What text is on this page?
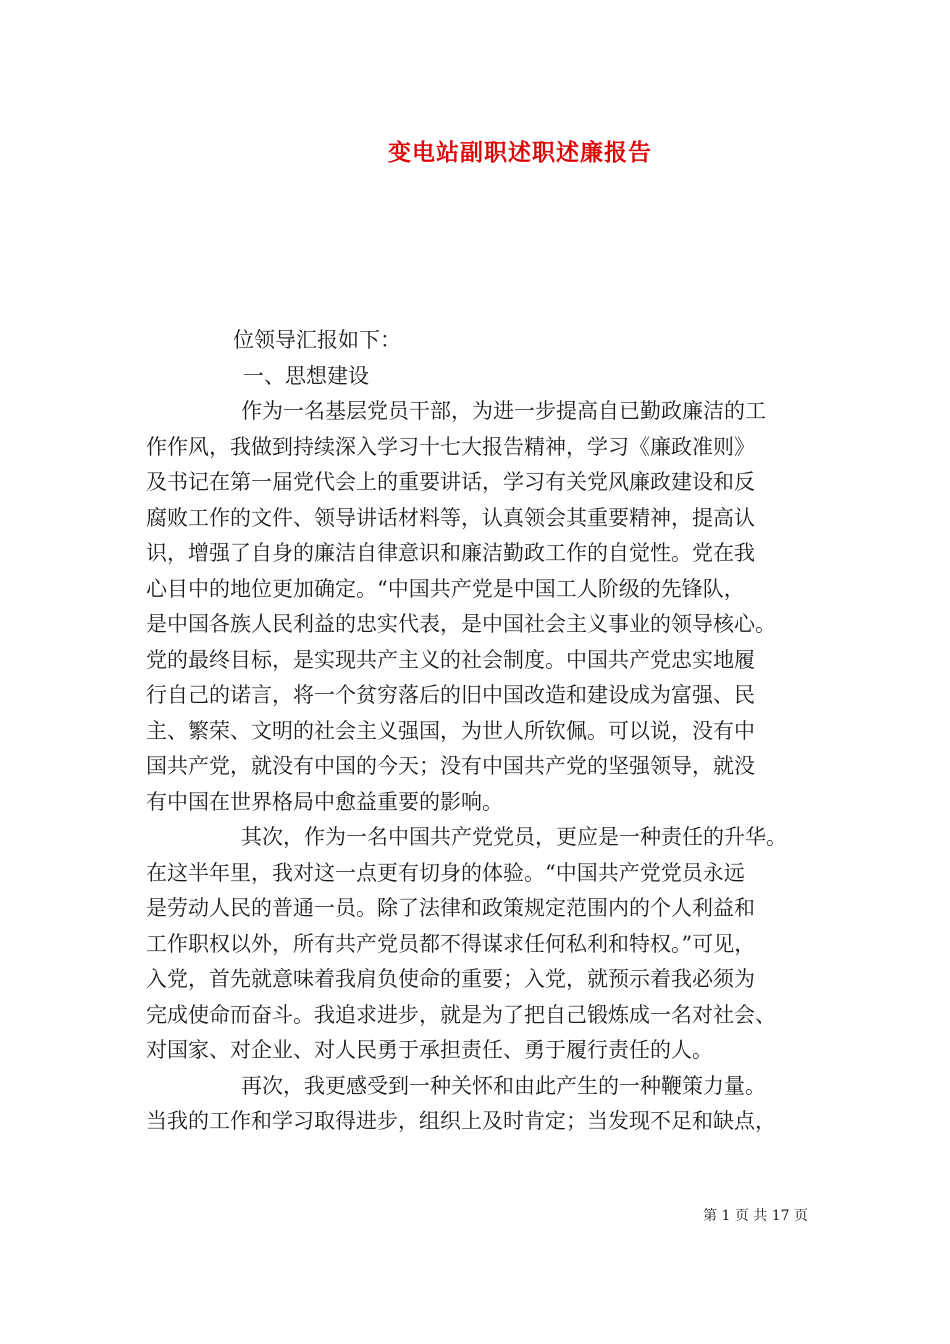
变电站副职述职述廉报告
位领导汇报如下：
一、思想建设
作为一名基层党员干部，为进一步提高自已勤政廉洁的工
作作风，我做到持续深入学习十七大报告精神，学习《廉政准则》
及书记在第一届党代会上的重要讲话，学习有关党风廉政建设和反
腐败工作的文件、领导讲话材料等，认真领会其重要精神，提高认
识，增强了自身的廉洁自律意识和廉洁勤政工作的自觉性。党在我
心目中的地位更加确定。“中国共产党是中国工人阶级的先锋队，
是中国各族人民利益的忠实代表，是中国社会主义事业的领导核心。
党的最终目标，是实现共产主义的社会制度。中国共产党忠实地履
行自己的诺言，将一个贫穷落后的旧中国改造和建设成为富强、民
主、繁荣、文明的社会主义强国，为世人所钦佩。可以说，没有中
国共产党，就没有中国的今天；没有中国共产党的坚强领导，就没
有中国在世界格局中愈益重要的影响。
其次，作为一名中国共产党党员，更应是一种责任的升华。
在这半年里，我对这一点更有切身的体验。“中国共产党党员永远
是劳动人民的普通一员。除了法律和政策规定范围内的个人利益和
工作职权以外，所有共产党员都不得谋求任何私利和特权。”可见，
入党，首先就意味着我肩负使命的重要；入党，就预示着我必须为
完成使命而奋斗。我追求进步，就是为了把自己锻炼成一名对社会、
对国家、对企业、对人民勇于承担责任、勇于履行责任的人。
再次，我更感受到一种关怀和由此产生的一种鞭策力量。
当我的工作和学习取得进步，组织上及时肯定；当发现不足和缺点，
第 1 页 共 17 页
